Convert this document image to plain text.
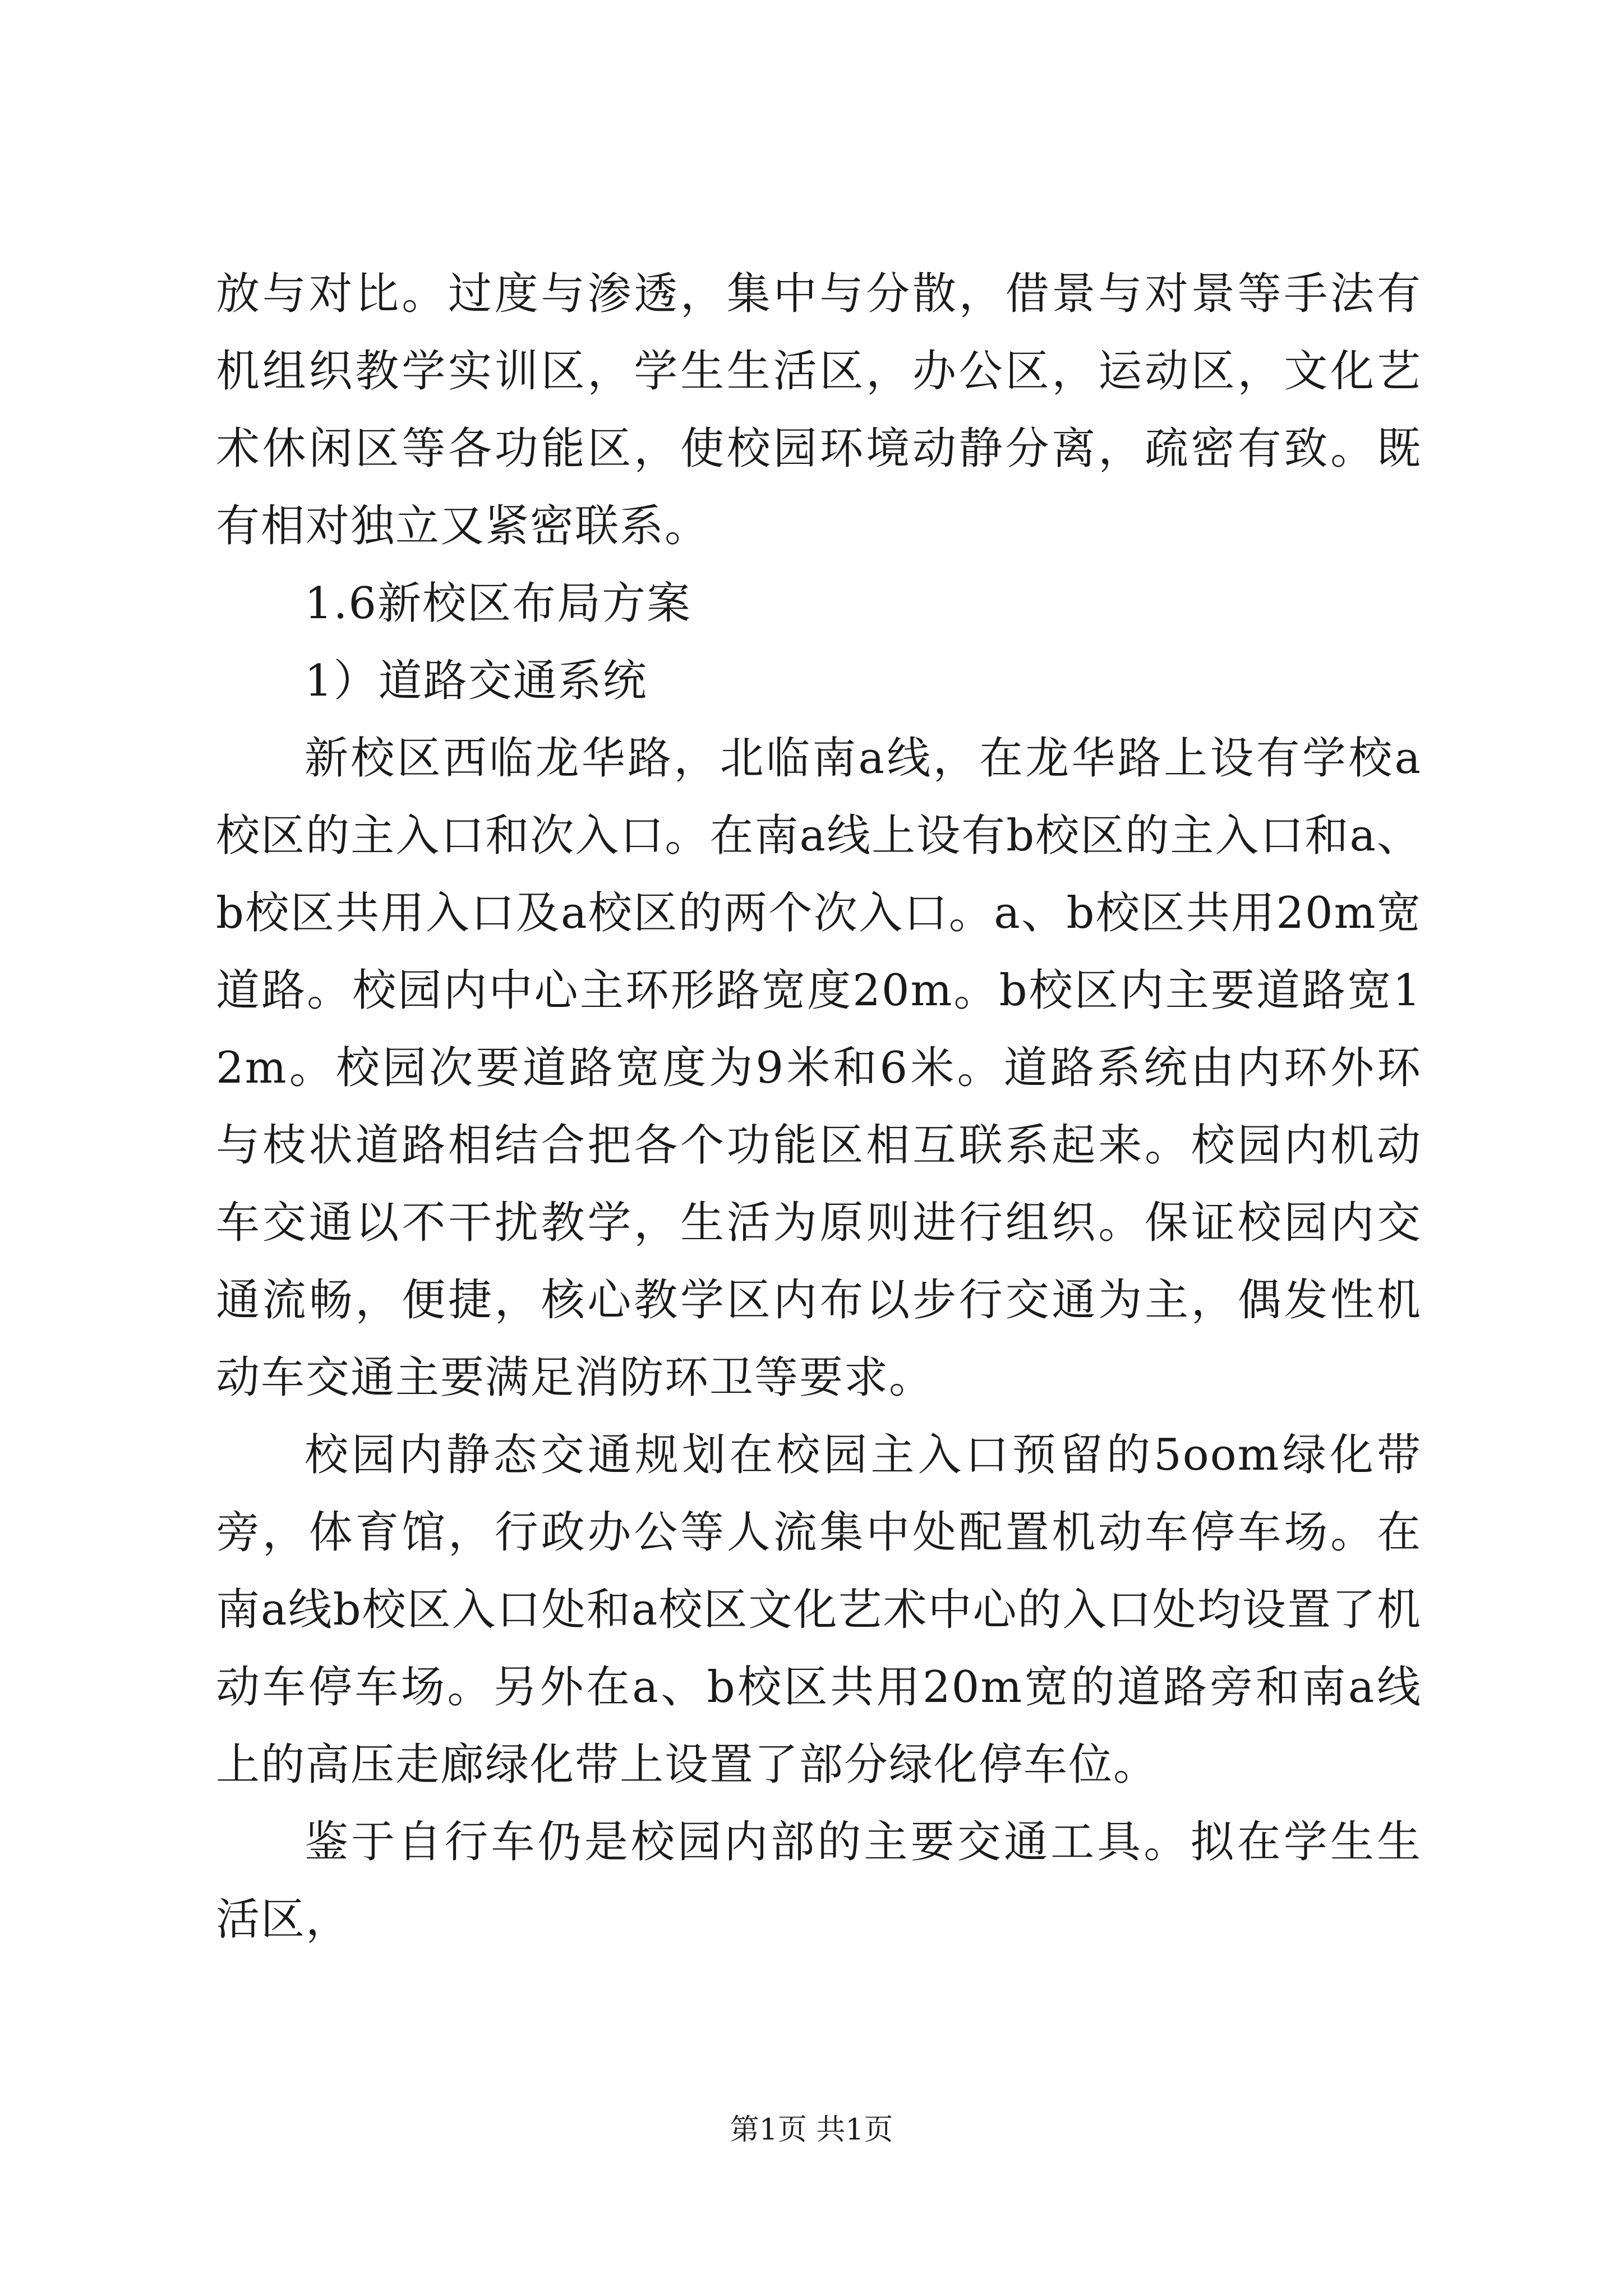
放与对比。过度与渗透，集中与分散，借景与对景等手法有机组织教学实训区，学生生活区，办公区，运动区，文化艺术休闲区等各功能区，使校园环境动静分离，疏密有致。既有相对独立又紧密联系。

1.6新校区布局方案

1）道路交通系统

新校区西临龙华路，北临南a线，在龙华路上设有学校a校区的主入口和次入口。在南a线上设有b校区的主入口和a、b校区共用入口及a校区的两个次入口。a、b校区共用20m宽道路。校园内中心主环形路宽度20m。b校区内主要道路宽12m。校园次要道路宽度为9米和6米。道路系统由内环外环与枝状道路相结合把各个功能区相互联系起来。校园内机动车交通以不干扰教学，生活为原则进行组织。保证校园内交通流畅，便捷，核心教学区内布以步行交通为主，偶发性机动车交通主要满足消防环卫等要求。

校园内静态交通规划在校园主入口预留的5oom绿化带旁，体育馆，行政办公等人流集中处配置机动车停车场。在南a线b校区入口处和a校区文化艺术中心的入口处均设置了机动车停车场。另外在a、b校区共用20m宽的道路旁和南a线上的高压走廊绿化带上设置了部分绿化停车位。

鉴于自行车仍是校园内部的主要交通工具。拟在学生生活区，

第1页 共1页
